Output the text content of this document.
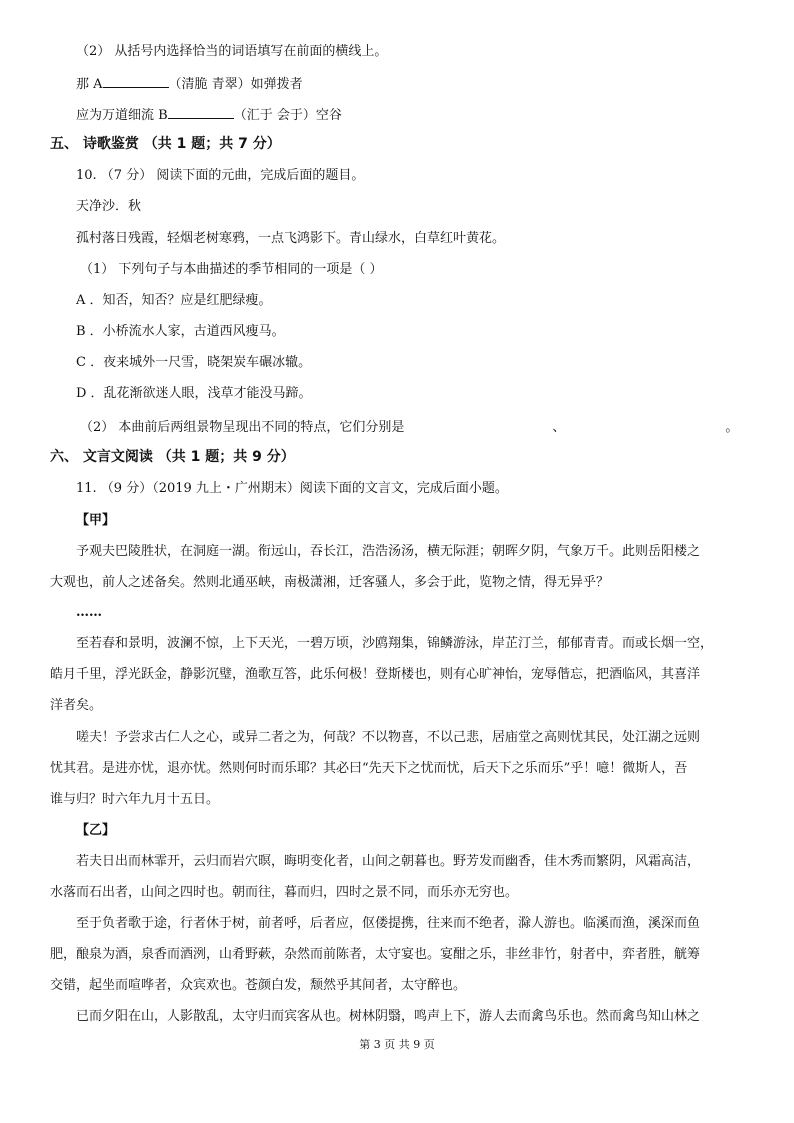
（2） 从括号内选择恰当的词语填写在前面的横线上。
那 A	（清脆 青翠）如弹拨者
应为万道细流 B	（汇于 会于）空谷
五、 诗歌鉴赏 （共 1 题；共 7 分）
10. （7 分） 阅读下面的元曲，完成后面的题目。
天净沙．秋
孤村落日残霞，轻烟老树寒鸦，一点飞鸿影下。青山绿水，白草红叶黄花。
（1） 下列句子与本曲描述的季节相同的一项是（ ）
A ．知否，知否？应是红肥绿瘦。
B ．小桥流水人家，古道西风瘦马。
C ．夜来城外一尺雪，晓架炭车碾冰辙。
D ．乱花渐欲迷人眼，浅草才能没马蹄。
（2） 本曲前后两组景物呈现出不同的特点，它们分别是	、	。
六、 文言文阅读 （共 1 题；共 9 分）
11. （9 分）（2019 九上・广州期末）阅读下面的文言文，完成后面小题。
【甲】
予观夫巴陵胜状，在洞庭一湖。衔远山，吞长江，浩浩汤汤，横无际涯；朝晖夕阴，气象万千。此则岳阳楼之
大观也，前人之述备矣。然则北通巫峡，南极潇湘，迁客骚人，多会于此，览物之情，得无异乎？
……
至若春和景明，波澜不惊，上下天光，一碧万顷，沙鸥翔集，锦鳞游泳，岸芷汀兰，郁郁青青。而或长烟一空，
皓月千里，浮光跃金，静影沉璧，渔歌互答，此乐何极！登斯楼也，则有心旷神怡，宠辱偕忘，把酒临风，其喜洋
洋者矣。
嗟夫！予尝求古仁人之心，或异二者之为，何哉？不以物喜，不以己悲，居庙堂之高则忧其民，处江湖之远则
忧其君。是进亦忧，退亦忧。然则何时而乐耶？其必曰“先天下之忧而忧，后天下之乐而乐”乎！噫！微斯人，吾
谁与归？时六年九月十五日。
【乙】
若夫日出而林霏开，云归而岩穴暝，晦明变化者，山间之朝暮也。野芳发而幽香，佳木秀而繁阴，风霜高洁，
水落而石出者，山间之四时也。朝而往，暮而归，四时之景不同，而乐亦无穷也。
至于负者歌于途，行者休于树，前者呼，后者应，伛偻提携，往来而不绝者，滁人游也。临溪而渔，溪深而鱼
肥，酿泉为酒，泉香而酒洌，山肴野蔌，杂然而前陈者，太守宴也。宴酣之乐，非丝非竹，射者中，弈者胜，觥筹
交错，起坐而喧哗者，众宾欢也。苍颜白发，颓然乎其间者，太守醉也。
已而夕阳在山，人影散乱，太守归而宾客从也。树林阴翳，鸣声上下，游人去而禽鸟乐也。然而禽鸟知山林之
第 3 页 共 9 页
